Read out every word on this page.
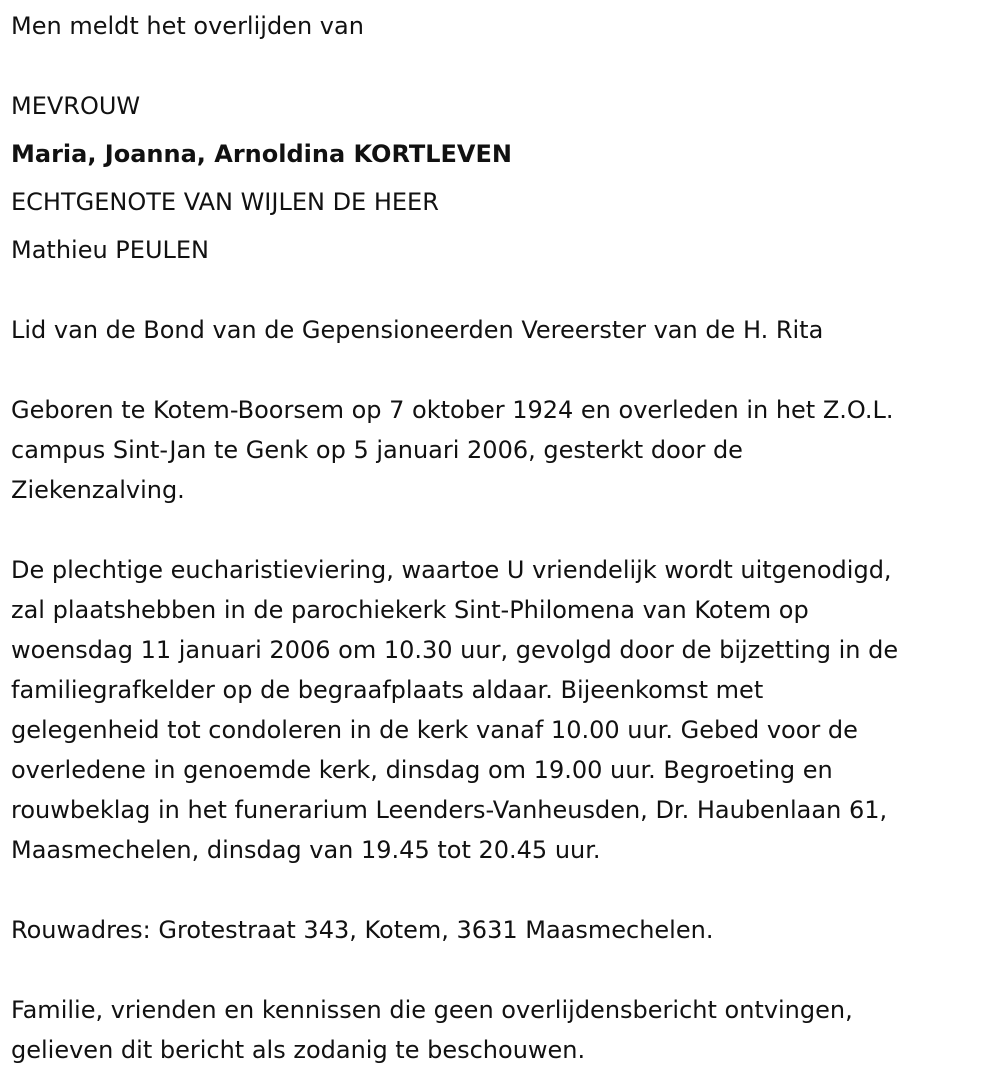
Men meldt het overlijden van
MEVROUW
Maria, Joanna, Arnoldina KORTLEVEN
ECHTGENOTE VAN WIJLEN DE HEER
Mathieu PEULEN
Lid van de Bond van de Gepensioneerden Vereerster van de H. Rita
Geboren te Kotem-Boorsem op 7 oktober 1924 en overleden in het Z.O.L.
campus Sint-Jan te Genk op 5 januari 2006, gesterkt door de
Ziekenzalving.
De plechtige eucharistieviering, waartoe U vriendelijk wordt uitgenodigd,
zal plaatshebben in de parochiekerk Sint-Philomena van Kotem op
woensdag 11 januari 2006 om 10.30 uur, gevolgd door de bijzetting in de
familiegrafkelder op de begraafplaats aldaar. Bijeenkomst met
gelegenheid tot condoleren in de kerk vanaf 10.00 uur. Gebed voor de
overledene in genoemde kerk, dinsdag om 19.00 uur. Begroeting en
rouwbeklag in het funerarium Leenders-Vanheusden, Dr. Haubenlaan 61,
Maasmechelen, dinsdag van 19.45 tot 20.45 uur.
Rouwadres: Grotestraat 343, Kotem, 3631 Maasmechelen.
Familie, vrienden en kennissen die geen overlijdensbericht ontvingen,
gelieven dit bericht als zodanig te beschouwen.
